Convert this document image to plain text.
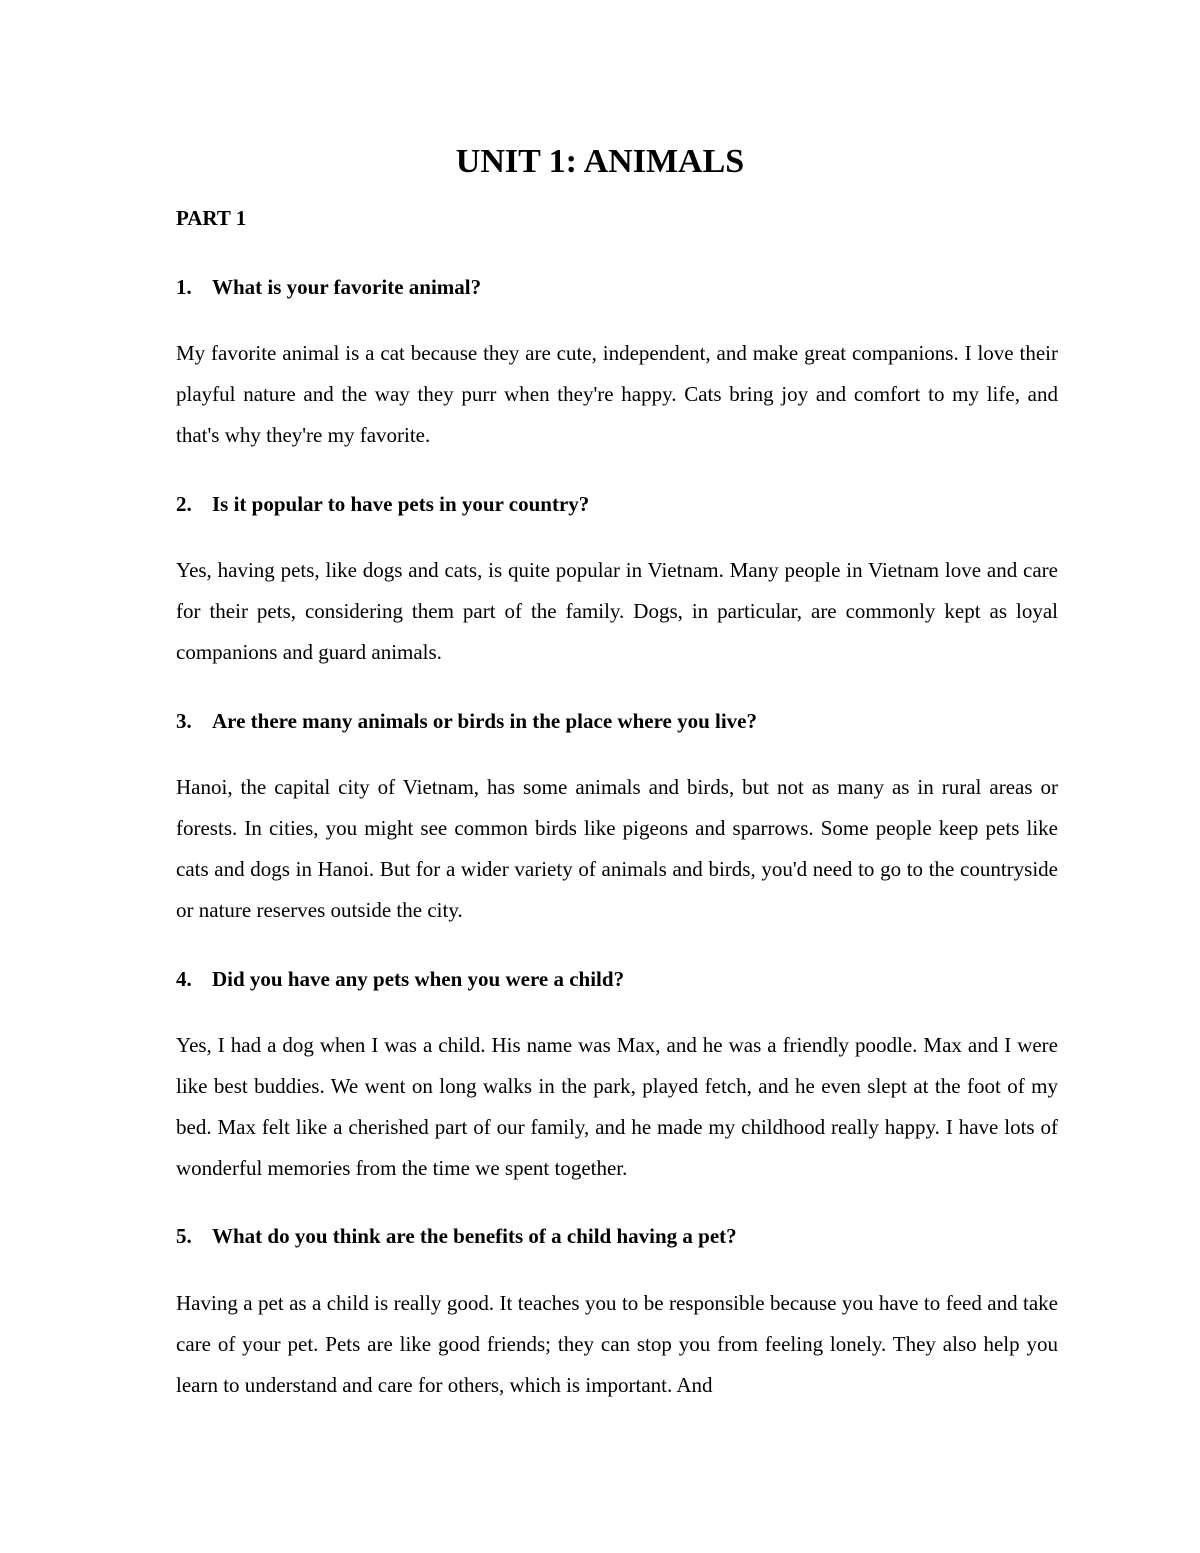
UNIT 1: ANIMALS
PART 1
1. What is your favorite animal?

My favorite animal is a cat because they are cute, independent, and make great companions. I love their playful nature and the way they purr when they're happy. Cats bring joy and comfort to my life, and that's why they're my favorite.

2. Is it popular to have pets in your country?

Yes, having pets, like dogs and cats, is quite popular in Vietnam. Many people in Vietnam love and care for their pets, considering them part of the family. Dogs, in particular, are commonly kept as loyal companions and guard animals.

3. Are there many animals or birds in the place where you live?

Hanoi, the capital city of Vietnam, has some animals and birds, but not as many as in rural areas or forests. In cities, you might see common birds like pigeons and sparrows. Some people keep pets like cats and dogs in Hanoi. But for a wider variety of animals and birds, you'd need to go to the countryside or nature reserves outside the city.

4. Did you have any pets when you were a child?

Yes, I had a dog when I was a child. His name was Max, and he was a friendly poodle. Max and I were like best buddies. We went on long walks in the park, played fetch, and he even slept at the foot of my bed. Max felt like a cherished part of our family, and he made my childhood really happy. I have lots of wonderful memories from the time we spent together.

5. What do you think are the benefits of a child having a pet?

Having a pet as a child is really good. It teaches you to be responsible because you have to feed and take care of your pet. Pets are like good friends; they can stop you from feeling lonely. They also help you learn to understand and care for others, which is important. And
